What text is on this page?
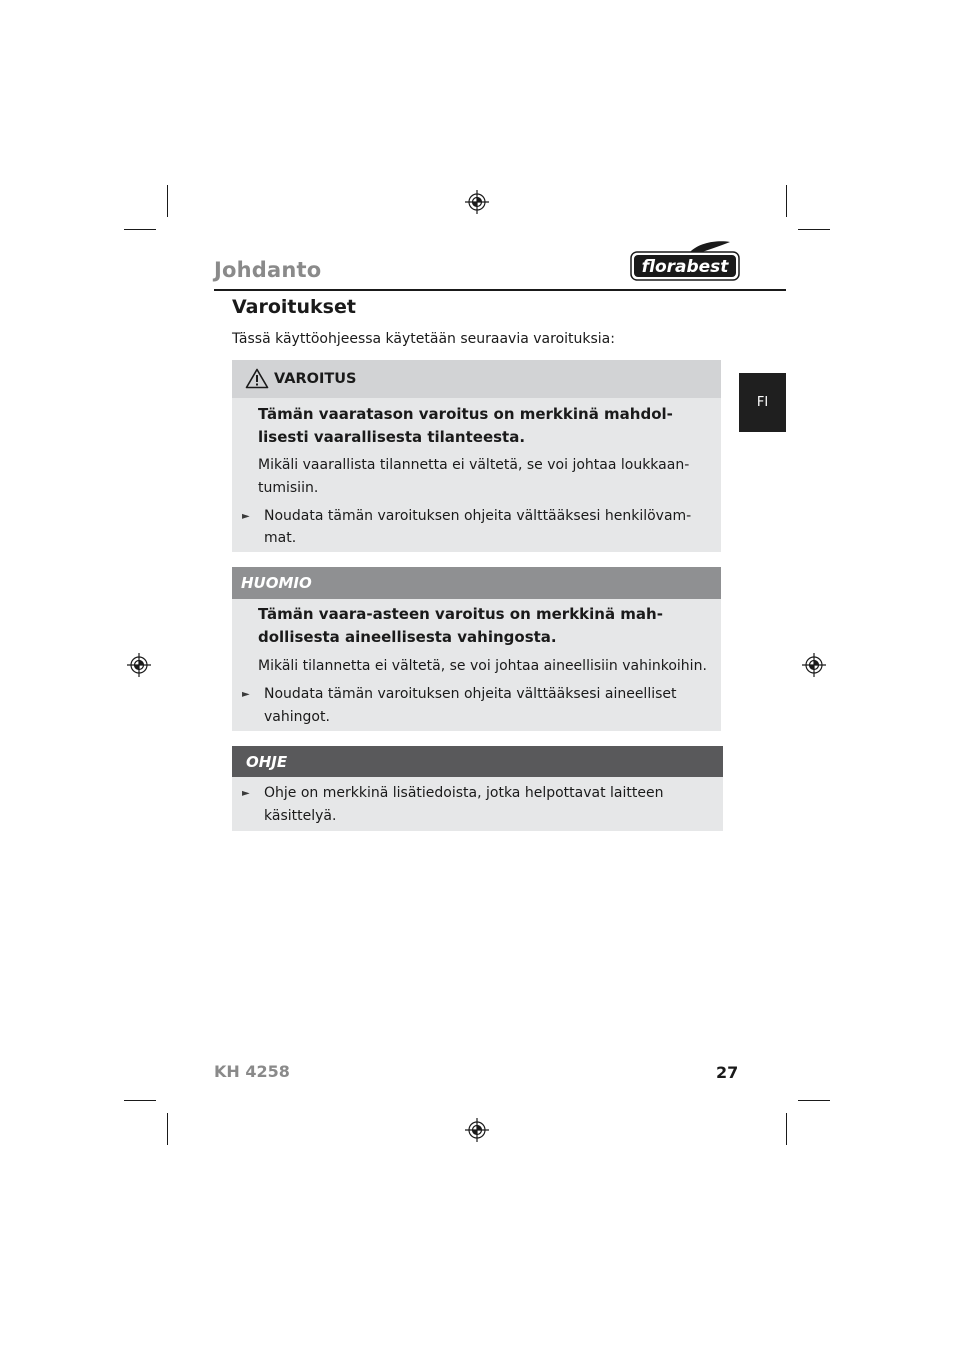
Johdanto	florabest
Varoitukset
Tässä käyttöohjeessa käytetään seuraavia varoituksia:
FI
VAROITUS
Tämän vaaratason varoitus on merkkinä mahdol-
lisesti vaarallisesta tilanteesta.
Mikäli vaarallista tilannetta ei vältetä, se voi johtaa loukkaan-
tumisiin.
► Noudata tämän varoituksen ohjeita välttääksesi henkilövam-
mat.
HUOMIO
Tämän vaara-asteen varoitus on merkkinä mah-
dollisesta aineellisesta vahingosta.
Mikäli tilannetta ei vältetä, se voi johtaa aineellisiin vahinkoihin.
► Noudata tämän varoituksen ohjeita välttääksesi aineelliset
vahingot.
OHJE
► Ohje on merkkinä lisätiedoista, jotka helpottavat laitteen
käsittelyä.
KH 4258	27
